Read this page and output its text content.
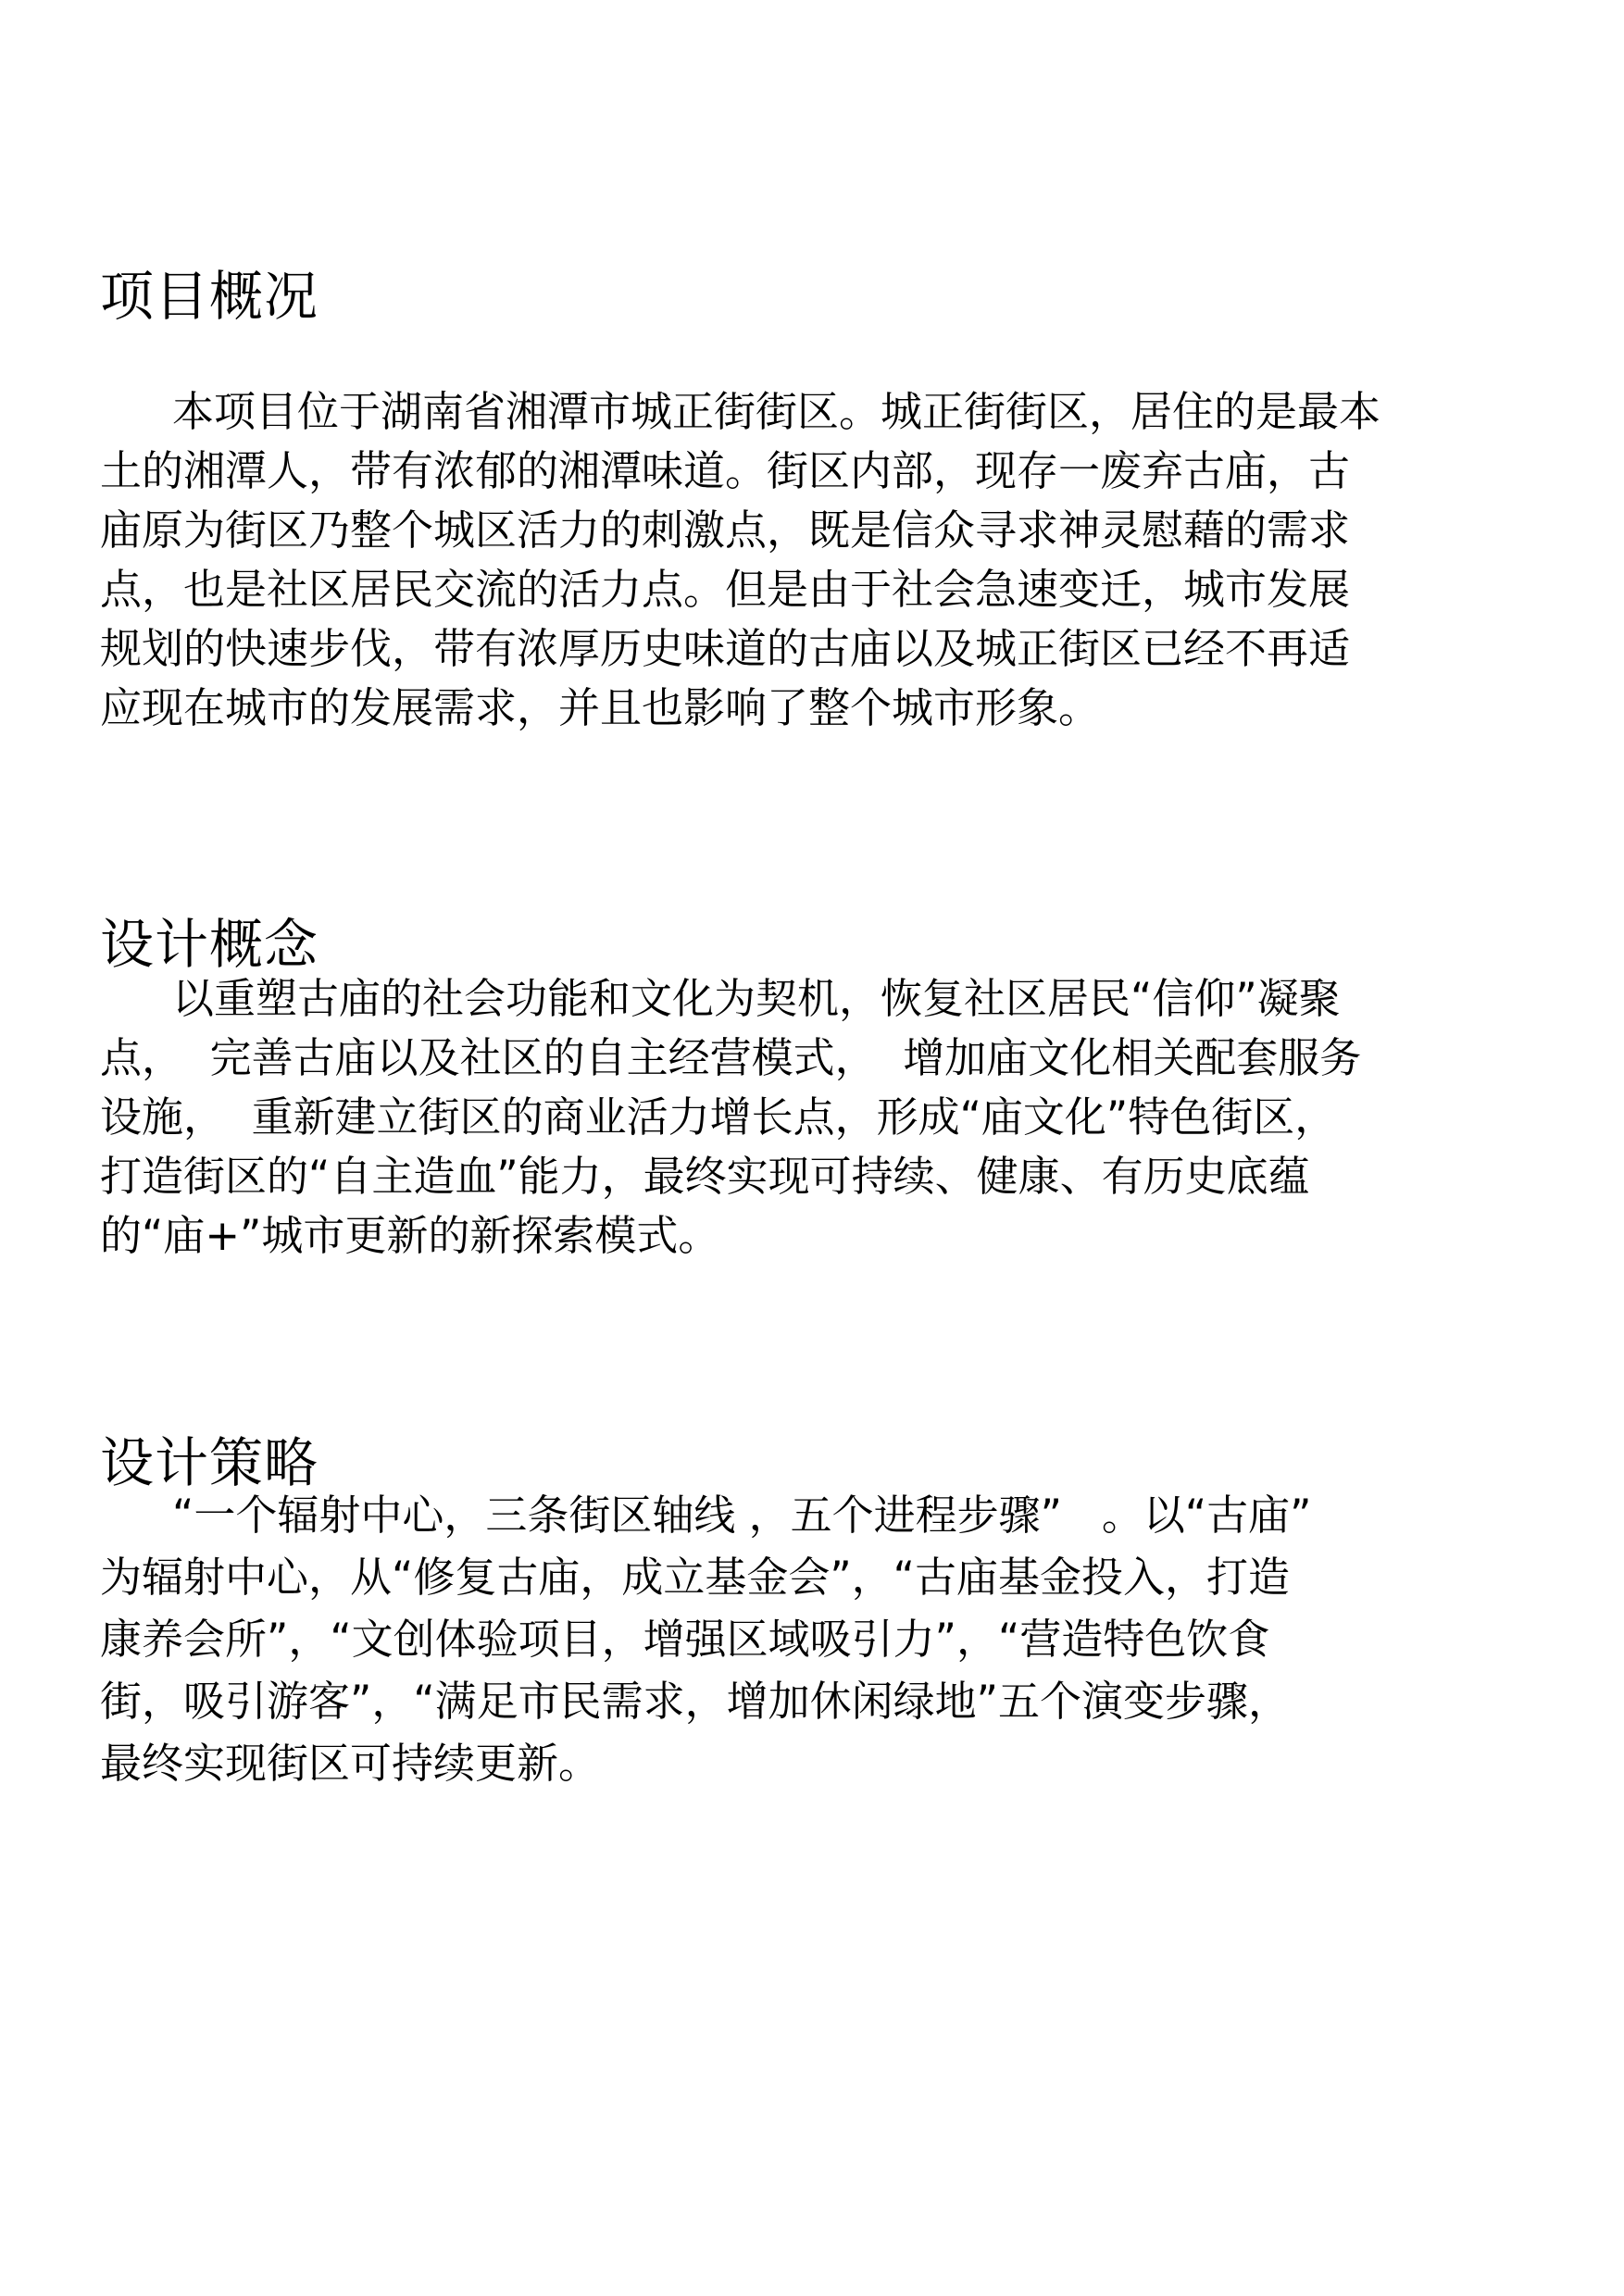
项目概况

本项目位于湖南省湘潭市城正街街区。城正街街区，居住的是最本
土的湘潭人，带有浓郁的湘潭味道。街区内部，现存一废弃古庙，古
庙原为街区乃整个城区活力的刺激点，既是信众寻求神灵慰藉的需求
点，也是社区居民交流的活力点。但是由于社会急速变迁，城市发展
规划的快速步伐，带有浓厚历史味道的古庙以及城正街区已经不再适
应现在城市的发展需求，并且也影响了整个城市形象。

设计概念

以重塑古庙的社会功能和文化为契机，恢复社区居民“信仰”凝聚
点，  完善古庙以及社区的自主经营模式，  增加庙文化相关配套服务
设施，  重新建立街区的商业活力增长点，形成“庙文化”特色街区，
打造街区的“自主造血”能力，最终实现可持续、健康、有历史底蕴
的“庙+”城市更新的新探索模式。

设计策略

“一个辐射中心，三条街区轴线 ，五个进程步骤”   。以“古庙”
为辐射中心，从“修复古庙，成立基金会”，“古庙基金投入，打造
康养会所”，“文创体验项目，增强区域吸引力”，“营造特色饮食
街，吸引游客”，“满足市民需求，增加休闲绿地”五个演变步骤，
最终实现街区可持续更新。
